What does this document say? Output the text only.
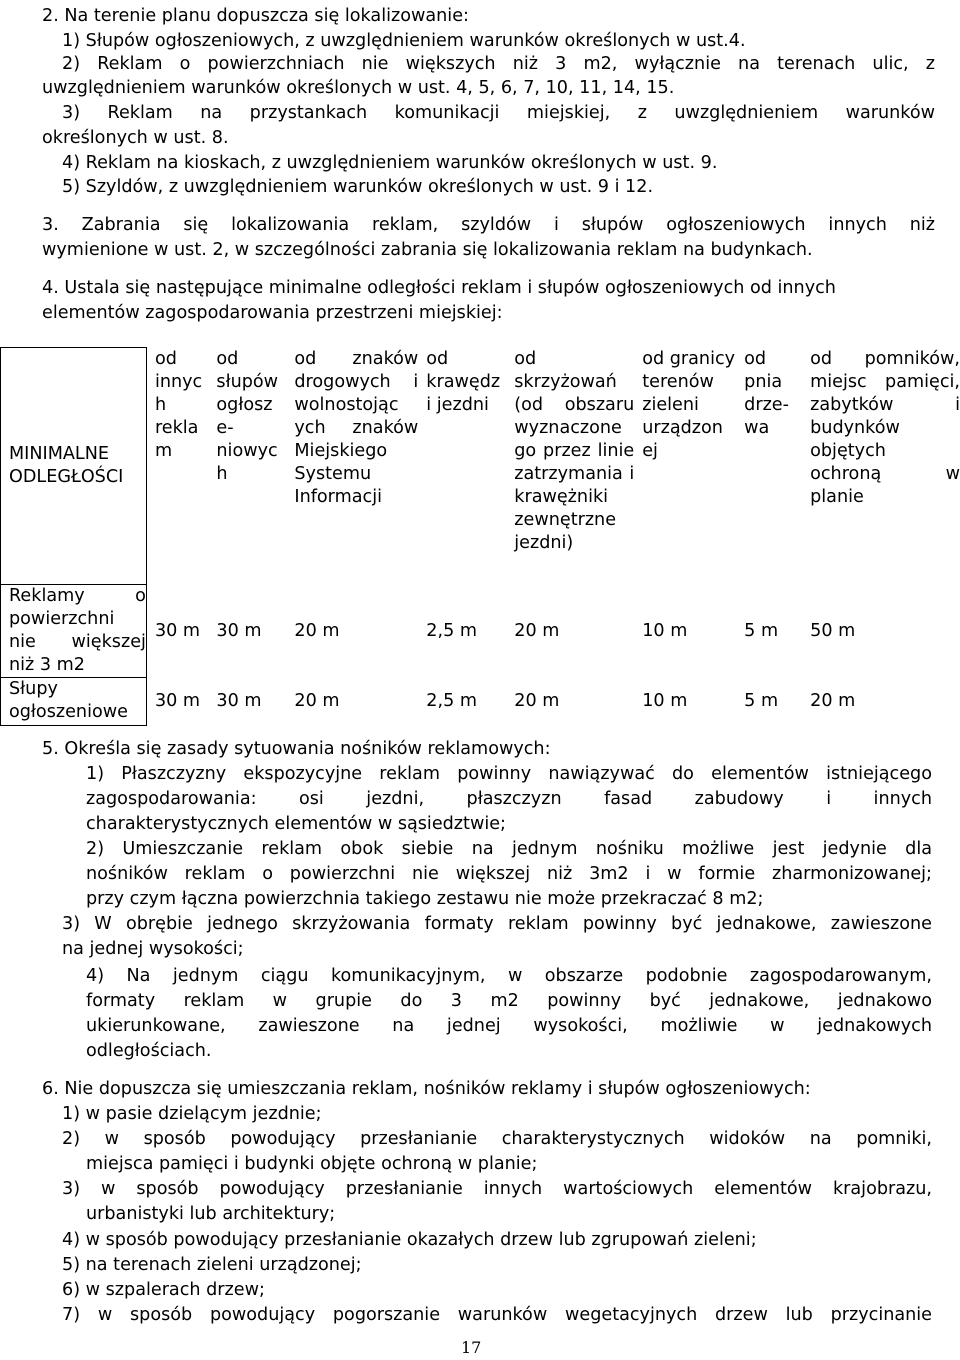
2. Na terenie planu dopuszcza się lokalizowanie:
1) Słupów ogłoszeniowych, z uwzględnieniem warunków określonych w ust.4.
2) Reklam o powierzchniach nie większych niż 3 m2, wyłącznie na terenach ulic, z
uwzględnieniem warunków określonych w ust. 4, 5, 6, 7, 10, 11, 14, 15.
3) Reklam na przystankach komunikacji miejskiej, z uwzględnieniem warunków
określonych w ust. 8.
4) Reklam na kioskach, z uwzględnieniem warunków określonych w ust. 9.
5) Szyldów, z uwzględnieniem warunków określonych w ust. 9 i 12.
3. Zabrania się lokalizowania reklam, szyldów i słupów ogłoszeniowych innych niż
wymienione w ust. 2, w szczególności zabrania się lokalizowania reklam na budynkach.
4. Ustala się następujące minimalne odległości reklam i słupów ogłoszeniowych od innych
elementów zagospodarowania przestrzeni miejskiej:
MINIMALNE ODLEGŁOŚCI	od innyc h rekla m	od słupów ogłosz e- niowyc h	od znaków drogowych i wolnostojąc ych znaków Miejskiego Systemu Informacji	od krawędz i jezdni	od skrzyżowań (od obszaru wyznaczone go przez linie zatrzymania i krawężniki zewnętrzne jezdni)	od granicy terenów zieleni urządzon ej	od pnia drze- wa	od pomników, miejsc pamięci, zabytków i budynków objętych ochroną w planie
Reklamy o powierzchni nie większej niż 3 m2	30 m	30 m	20 m	2,5 m	20 m	10 m	5 m	50 m
Słupy ogłoszeniowe	30 m	30 m	20 m	2,5 m	20 m	10 m	5 m	20 m
5. Określa się zasady sytuowania nośników reklamowych:
1) Płaszczyzny ekspozycyjne reklam powinny nawiązywać do elementów istniejącego
zagospodarowania: osi jezdni, płaszczyzn fasad zabudowy i innych
charakterystycznych elementów w sąsiedztwie;
2) Umieszczanie reklam obok siebie na jednym nośniku możliwe jest jedynie dla
nośników reklam o powierzchni nie większej niż 3m2 i w formie zharmonizowanej;
przy czym łączna powierzchnia takiego zestawu nie może przekraczać 8 m2;
3) W obrębie jednego skrzyżowania formaty reklam powinny być jednakowe, zawieszone
na jednej wysokości;
4) Na jednym ciągu komunikacyjnym, w obszarze podobnie zagospodarowanym,
formaty reklam w grupie do 3 m2 powinny być jednakowe, jednakowo
ukierunkowane, zawieszone na jednej wysokości, możliwie w jednakowych
odległościach.
6. Nie dopuszcza się umieszczania reklam, nośników reklamy i słupów ogłoszeniowych:
1) w pasie dzielącym jezdnie;
2) w sposób powodujący przesłanianie charakterystycznych widoków na pomniki,
miejsca pamięci i budynki objęte ochroną w planie;
3) w sposób powodujący przesłanianie innych wartościowych elementów krajobrazu,
urbanistyki lub architektury;
4) w sposób powodujący przesłanianie okazałych drzew lub zgrupowań zieleni;
5) na terenach zieleni urządzonej;
6) w szpalerach drzew;
7) w sposób powodujący pogorszanie warunków wegetacyjnych drzew lub przycinanie
17
